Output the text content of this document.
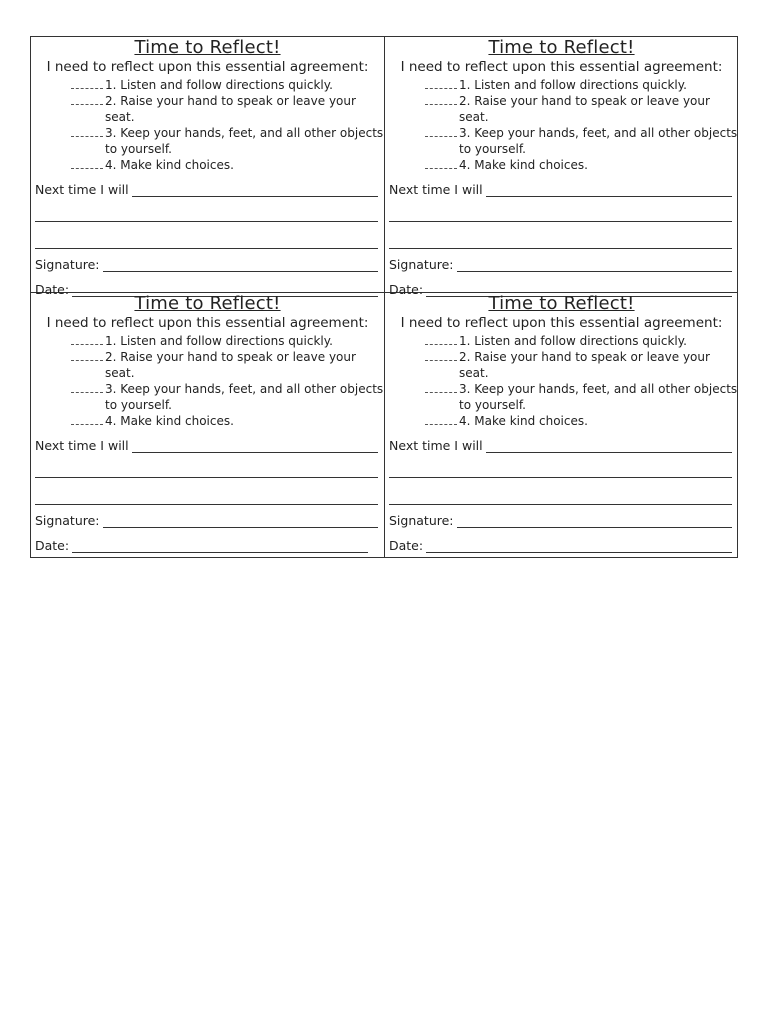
Time to Reflect!
I need to reflect upon this essential agreement:
1. Listen and follow directions quickly.
2. Raise your hand to speak or leave your seat.
3. Keep your hands, feet, and all other objects
to yourself.
4. Make kind choices.
Next time I will
Signature:
Date:
Time to Reflect!
I need to reflect upon this essential agreement:
1. Listen and follow directions quickly.
2. Raise your hand to speak or leave your seat.
3. Keep your hands, feet, and all other objects
to yourself.
4. Make kind choices.
Next time I will
Signature:
Date:
Time to Reflect!
I need to reflect upon this essential agreement:
1. Listen and follow directions quickly.
2. Raise your hand to speak or leave your seat.
3. Keep your hands, feet, and all other objects
to yourself.
4. Make kind choices.
Next time I will
Signature:
Date:
Time to Reflect!
I need to reflect upon this essential agreement:
1. Listen and follow directions quickly.
2. Raise your hand to speak or leave your seat.
3. Keep your hands, feet, and all other objects
to yourself.
4. Make kind choices.
Next time I will
Signature:
Date:
